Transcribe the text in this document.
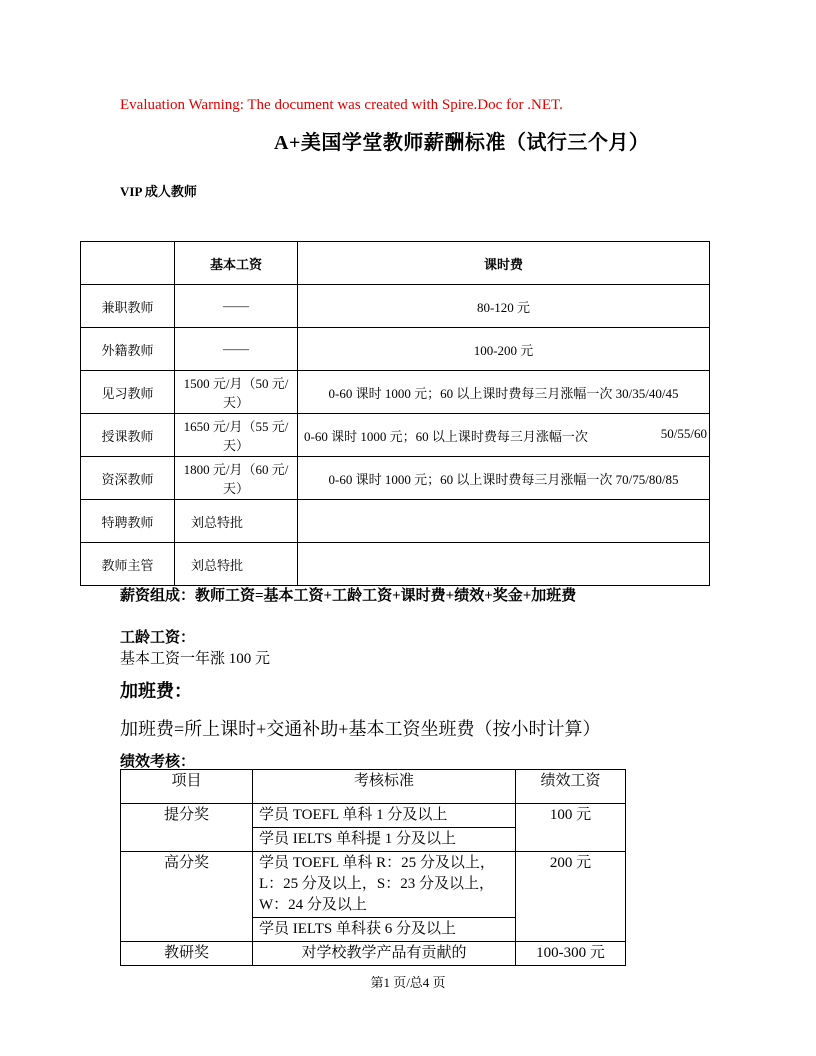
Evaluation Warning: The document was created with Spire.Doc for .NET.
A+美国学堂教师薪酬标准（试行三个月）
VIP 成人教师
	基本工资	课时费
兼职教师	——	80-120 元
外籍教师	——	100-200 元
见习教师	1500 元/月（50 元/天）	0-60 课时 1000 元；60 以上课时费每三月涨幅一次 30/35/40/45
授课教师	1650 元/月（55 元/天）	0-60 课时 1000 元；60 以上课时费每三月涨幅一次 50/55/60

资深教师	1800 元/月（60 元/天）	0-60 课时 1000 元；60 以上课时费每三月涨幅一次 70/75/80/85
特聘教师	刘总特批	
教师主管	刘总特批	
薪资组成：教师工资=基本工资+工龄工资+课时费+绩效+奖金+加班费
工龄工资：
基本工资一年涨 100 元
加班费：
加班费=所上课时+交通补助+基本工资坐班费（按小时计算）
绩效考核：
项目	考核标准	绩效工资
提分奖	学员 TOEFL 单科 1 分及以上	100 元
	学员 IELTS 单科提 1 分及以上	
高分奖	学员 TOEFL 单科 R：25 分及以上，L：25 分及以上，S：23 分及以上，W：24 分及以上	200 元
	学员 IELTS 单科获 6 分及以上	
教研奖	对学校教学产品有贡献的	100-300 元
第1 页/总4 页
